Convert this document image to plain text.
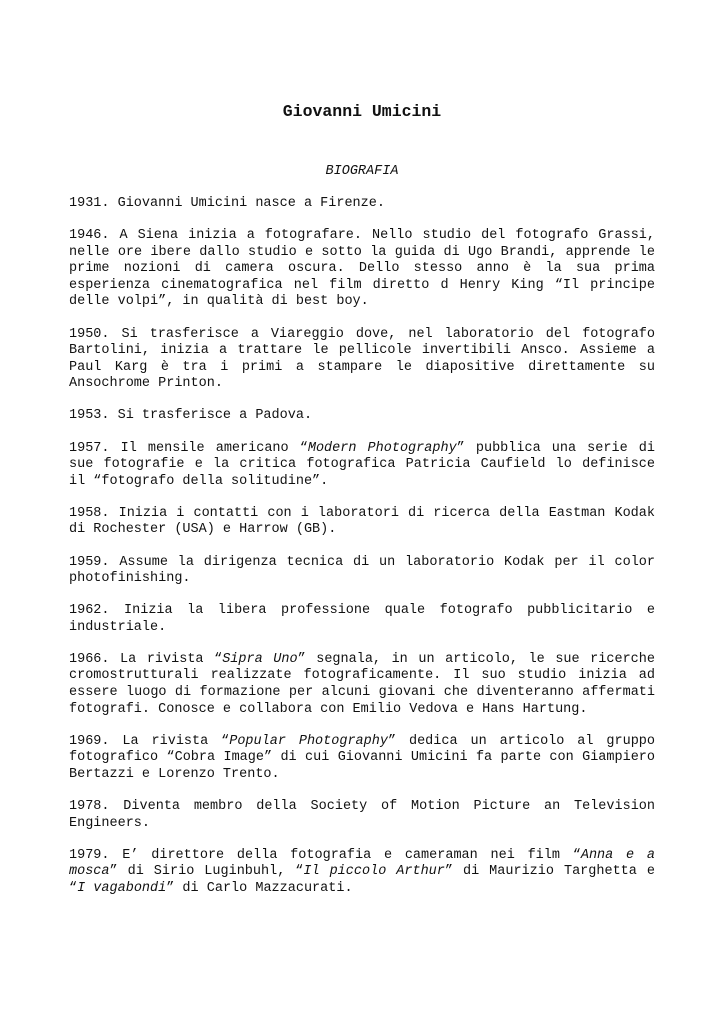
Giovanni Umicini

BIOGRAFIA

1931. Giovanni Umicini nasce a Firenze.

1946. A Siena inizia a fotografare. Nello studio del fotografo Grassi, nelle ore ibere dallo studio e sotto la guida di Ugo Brandi, apprende le prime nozioni di camera oscura. Dello stesso anno è la sua prima esperienza cinematografica nel film diretto d Henry King “Il principe delle volpi”, in qualità di best boy.

1950. Si trasferisce a Viareggio dove, nel laboratorio del fotografo Bartolini, inizia a trattare le pellicole invertibili Ansco. Assieme a Paul Karg è tra i primi a stampare le diapositive direttamente su Ansochrome Printon.

1953. Si trasferisce a Padova.

1957. Il mensile americano “Modern Photography” pubblica una serie di sue fotografie e la critica fotografica Patricia Caufield lo definisce il “fotografo della solitudine”.

1958. Inizia i contatti con i laboratori di ricerca della Eastman Kodak di Rochester (USA) e Harrow (GB).

1959. Assume la dirigenza tecnica di un laboratorio Kodak per il color photofinishing.

1962. Inizia la libera professione quale fotografo pubblicitario e industriale.

1966. La rivista “Sipra Uno” segnala, in un articolo, le sue ricerche cromostrutturali realizzate fotograficamente. Il suo studio inizia ad essere luogo di formazione per alcuni giovani che diventeranno affermati fotografi. Conosce e collabora con Emilio Vedova e Hans Hartung.

1969. La rivista “Popular Photography” dedica un articolo al gruppo fotografico “Cobra Image” di cui Giovanni Umicini fa parte con Giampiero Bertazzi e Lorenzo Trento.

1978. Diventa membro della Society of Motion Picture an Television Engineers.

1979. E’ direttore della fotografia e cameraman nei film “Anna e a mosca” di Sirio Luginbuhl, “Il piccolo Arthur” di Maurizio Targhetta e “I vagabondi” di Carlo Mazzacurati.
